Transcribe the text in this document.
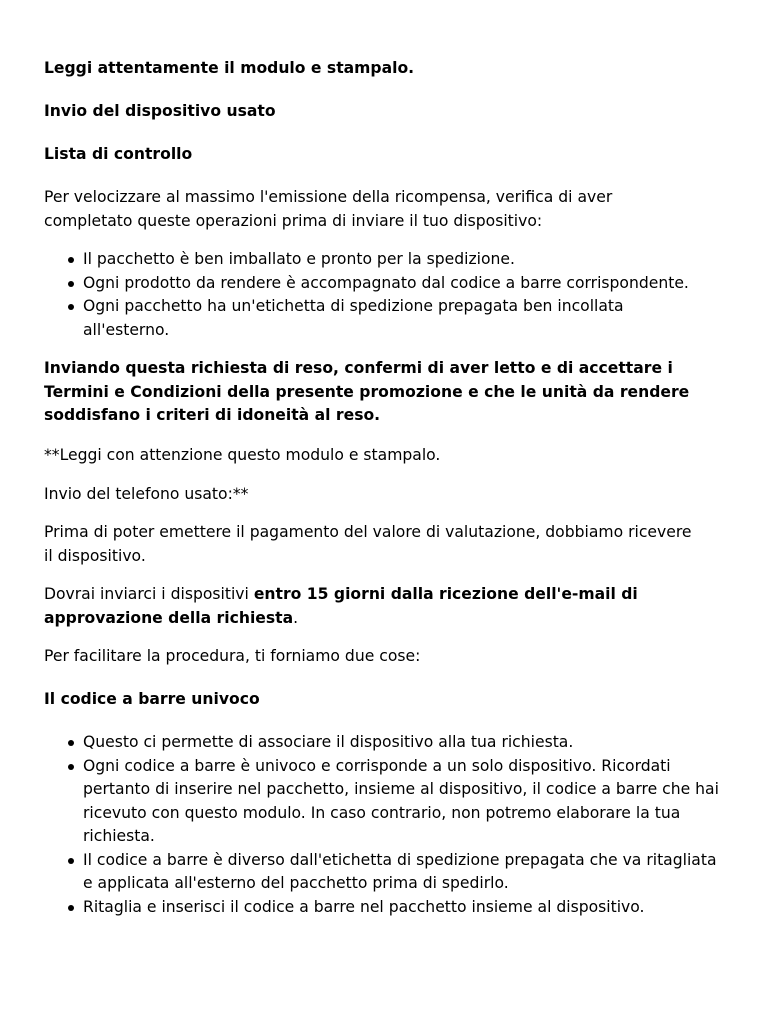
Leggi attentamente il modulo e stampalo.

Invio del dispositivo usato

Lista di controllo

Per velocizzare al massimo l'emissione della ricompensa, verifica di aver completato queste operazioni prima di inviare il tuo dispositivo:

Il pacchetto è ben imballato e pronto per la spedizione.
Ogni prodotto da rendere è accompagnato dal codice a barre corrispondente.
Ogni pacchetto ha un'etichetta di spedizione prepagata ben incollata all'esterno.

Inviando questa richiesta di reso, confermi di aver letto e di accettare i Termini e Condizioni della presente promozione e che le unità da rendere soddisfano i criteri di idoneità al reso.

**Leggi con attenzione questo modulo e stampalo.

Invio del telefono usato:**

Prima di poter emettere il pagamento del valore di valutazione, dobbiamo ricevere il dispositivo.

Dovrai inviarci i dispositivi entro 15 giorni dalla ricezione dell'e-mail di approvazione della richiesta.

Per facilitare la procedura, ti forniamo due cose:

Il codice a barre univoco

Questo ci permette di associare il dispositivo alla tua richiesta.
Ogni codice a barre è univoco e corrisponde a un solo dispositivo. Ricordati pertanto di inserire nel pacchetto, insieme al dispositivo, il codice a barre che hai ricevuto con questo modulo. In caso contrario, non potremo elaborare la tua richiesta.
Il codice a barre è diverso dall'etichetta di spedizione prepagata che va ritagliata e applicata all'esterno del pacchetto prima di spedirlo.
Ritaglia e inserisci il codice a barre nel pacchetto insieme al dispositivo.
